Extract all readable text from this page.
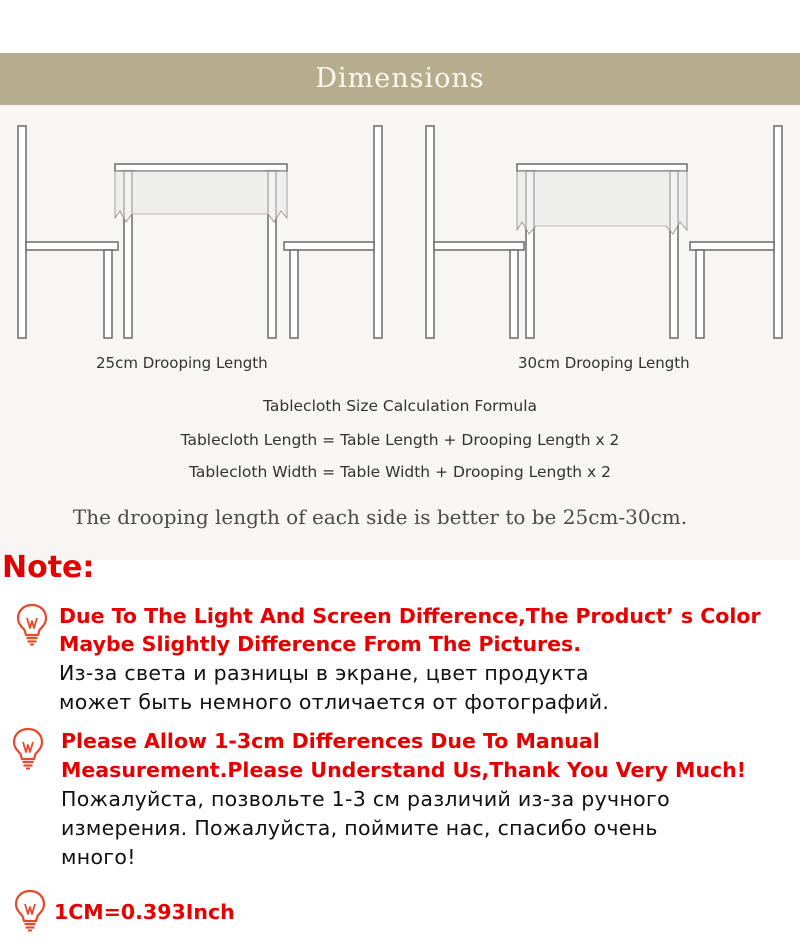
Dimensions
25cm Drooping Length	30cm Drooping Length
Tablecloth Size Calculation Formula
Tablecloth Length = Table Length + Drooping Length x 2
Tablecloth Width = Table Width + Drooping Length x 2
The drooping length of each side is better to be 25cm-30cm.
Note:
Due To The Light And Screen Difference,The Product’ s Color
Maybe Slightly Difference From The Pictures.
Из-за света и разницы в экране, цвет продукта
может быть немного отличается от фотографий.
Please Allow 1-3cm Differences Due To Manual
Measurement.Please Understand Us,Thank You Very Much!
Пожалуйста, позвольте 1-3 см различий из-за ручного
измерения. Пожалуйста, поймите нас, спасибо очень
много!
1CM=0.393Inch
